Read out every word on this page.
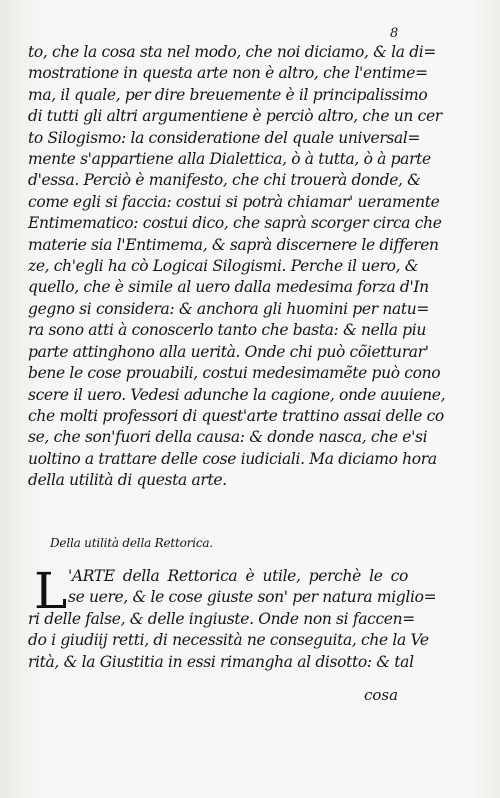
8
to, che la cosa sta nel modo, che noi diciamo, & la di=
mostratione in questa arte non è altro, che l'entime=
ma, il quale, per dire breuemente è il principalissimo
di tutti gli altri argumentiene è perciò altro, che un cer
to Silogismo: la consideratione del quale universal=
mente s'appartiene alla Dialettica, ò à tutta, ò à parte
d'essa. Perciò è manifesto, che chi trouerà donde, &
come egli si faccia: costui si potrà chiamar' ueramente
Entimematico: costui dico, che saprà scorger circa che
materie sia l'Entimema, & saprà discernere le differen
ze, ch'egli ha cò Logicai Silogismi. Perche il uero, &
quello, che è simile al uero dalla medesima forza d'In
gegno si considera: & anchora gli huomini per natu=
ra sono atti à conoscerlo tanto che basta: & nella piu
parte attinghono alla uerità. Onde chi può cõietturar'
bene le cose prouabili, costui medesimamẽte può cono
scere il uero. Vedesi adunche la cagione, onde auuiene,
che molti professori di quest'arte trattino assai delle co
se, che son'fuori della causa: & donde nasca, che e'si
uoltino a trattare delle cose iudiciali. Ma diciamo hora
della utilità di questa arte.
Della utilità della Rettorica.
L 'ARTE della Rettorica è utile, perchè le co
se uere, & le cose giuste son' per natura miglio=
ri delle false, & delle ingiuste. Onde non si faccen=
do i giudiij retti, di necessità ne conseguita, che la Ve
rità, & la Giustitia in essi rimangha al disotto: & tal
cosa
